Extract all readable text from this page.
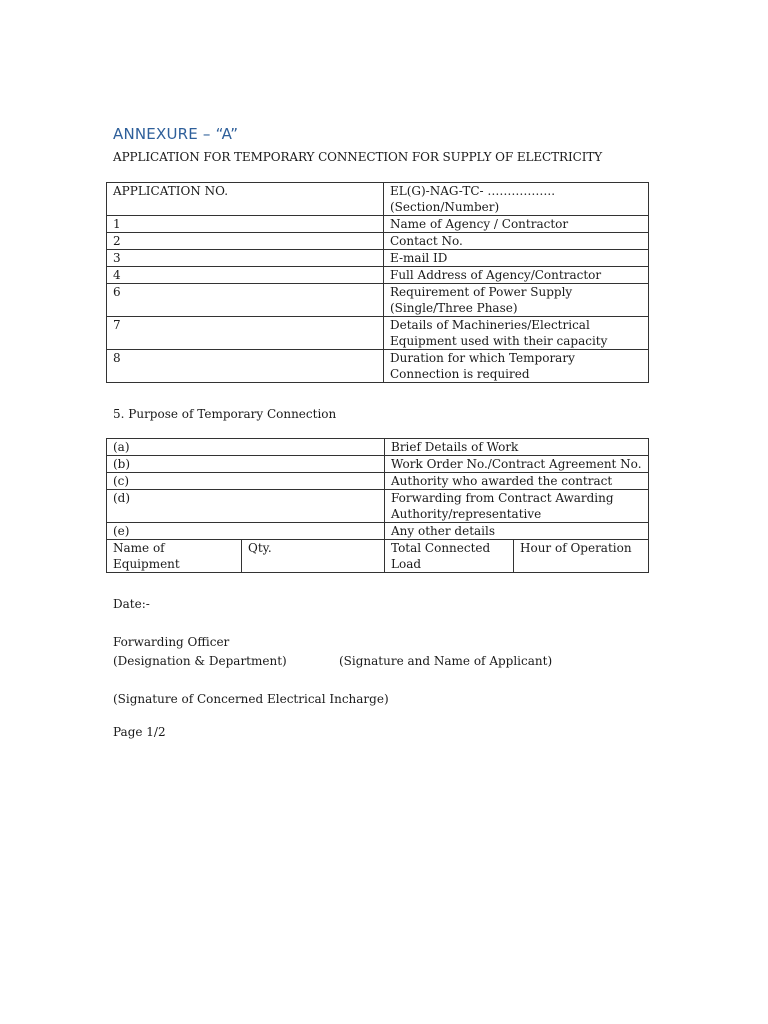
ANNEXURE – “A”
APPLICATION FOR TEMPORARY CONNECTION FOR SUPPLY OF ELECTRICITY
APPLICATION NO.	EL(G)-NAG-TC- ……………..
(Section/Number)
1	Name of Agency / Contractor
2	Contact No.
3	E-mail ID
4	Full Address of Agency/Contractor
6	Requirement of Power Supply (Single/Three Phase)
7	Details of Machineries/Electrical Equipment used with their capacity
8	Duration for which Temporary Connection is required
5. Purpose of Temporary Connection
(a)		Brief Details of Work	
(b)		Work Order No./Contract Agreement No.	
(c)		Authority who awarded the contract	
(d)		Forwarding from Contract Awarding Authority/representative	
(e)		Any other details	
Name of Equipment	Qty.	Total Connected Load	Hour of Operation
Date:-
Forwarding Officer
(Designation & Department)	(Signature and Name of Applicant)
(Signature of Concerned Electrical Incharge)
Page 1/2
